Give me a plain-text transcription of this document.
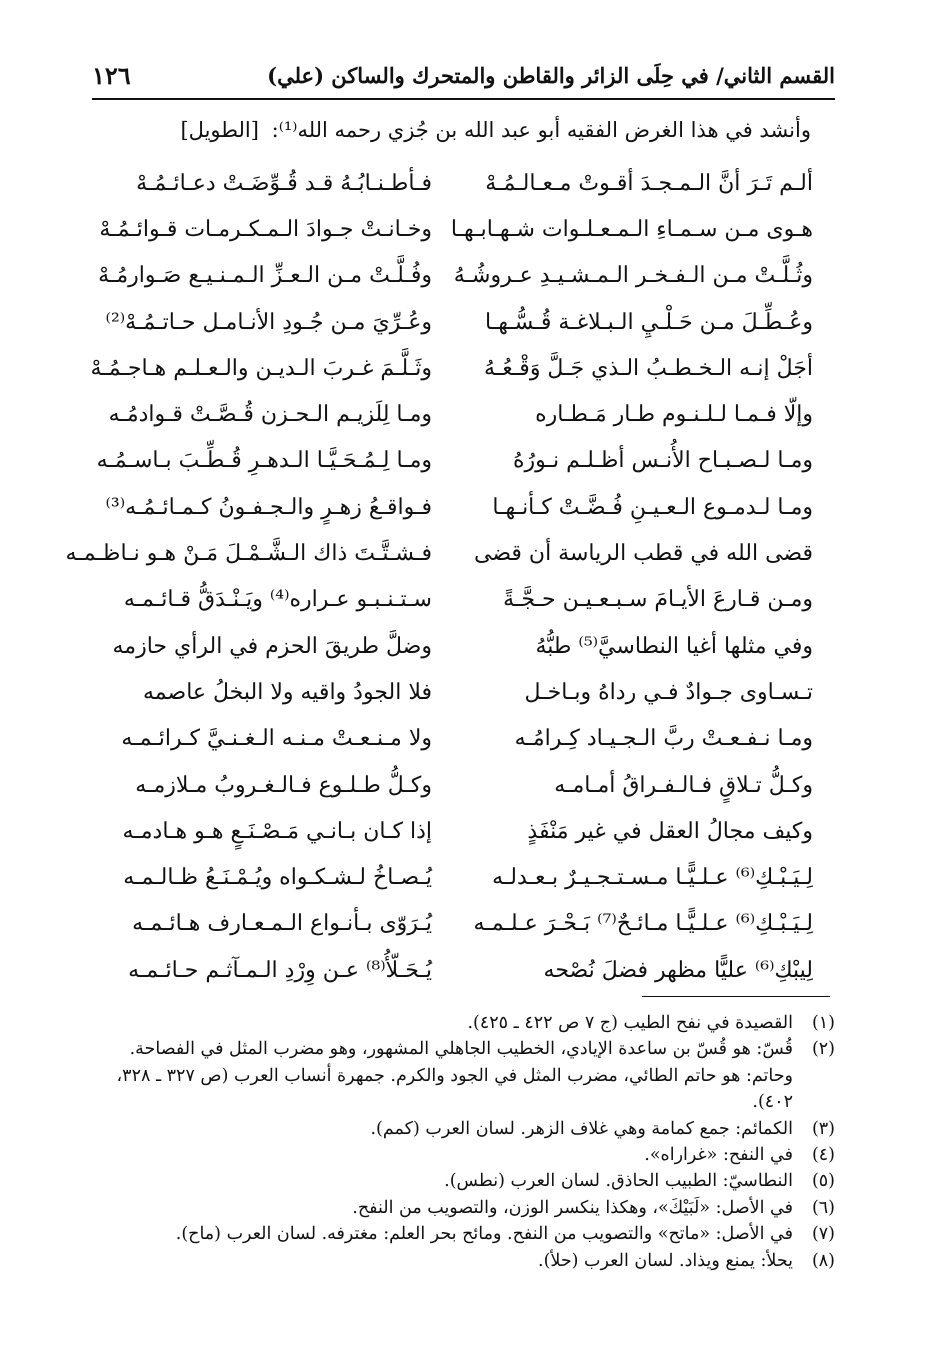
القسم الثاني/ في حِلَى الزائر والقاطن والمتحرك والساكن (علي)
١٢٦
وأنشد في هذا الغرض الفقيه أبو عبد الله بن جُزي رحمه الله⁽¹⁾: [الطويل]
ألـم تَـرَ أنَّ الـمـجـدَ أقـوتْ مـعـالـمُـهْ
فـأطـنـابُـهُ قـد قُـوِّضَـتْ دعـائـمُـهْ
هـوى مـن سـمـاءِ الـمـعـلـوات شـهـابـهـا
وخـانـتْ جـوادَ الـمـكـرمـات قـوائـمُـهْ
وثُـلَّـتْ مـن الـفـخـر الـمـشـيـدِ عـروشُـهُ
وفُـلَّـتْ مـن الـعـزِّ الـمـنـيـع صَـوارمُـهْ
وعُـطِّـلَ مـن حَـلْـيِ الـبـلاغـة قُـسُّـهـا
وعُـرِّيَ مـن جُـودِ الأنـامـل حـاتـمُـهْ⁽²⁾
أجَلْ إنـه الـخـطـبُ الـذي جَـلَّ وَقْـعُـهُ
وثَـلَّـمَ غـربَ الـديـن والـعـلـم هـاجـمُـهْ
وإلّا فـمـا لـلـنـوم طـار مَـطـاره
ومـا لِلَزيـم الـحـزن قُـصَّـتْ قـوادمُـه
ومـا لـصـبـاح الأُنـس أظـلـم نـورُهُ
ومـا لِـمُـحَـيَّـا الـدهـرِ قُـطِّـبَ بـاسـمُـه
ومـا لـدمـوع الـعـيـنِ فُـضَّـتْ كـأنـهـا
فـواقـعُ زهـرٍ والـجـفـونُ كـمـائـمُـه⁽³⁾
قضى الله في قطب الرياسة أن قضى
فـشـتَّـتَ ذاك الـشَّـمْـلَ مَـنْ هـو نـاظـمـه
ومـن قـارعَ الأيـامَ سـبـعـيـن حـجَّـةً
سـتـنـبـو عـراره⁽⁴⁾ ويَـنْـدَقُّ قـائـمـه
وفي مثلها أغيا النطاسيَّ⁽⁵⁾ طبُّهُ
وضلَّ طريقَ الحزم في الرأي حازمه
تـسـاوى جـوادٌ فـي رداهُ وبـاخـل
فلا الجودُ واقيه ولا البخلُ عاصمه
ومـا نـفـعـتْ ربَّ الـجـيـاد كِـرامُـه
ولا مـنـعـتْ مـنـه الـغـنـيَّ كـرائـمـه
وكـلُّ تـلاقٍ فـالـفـراقُ أمـامـه
وكـلُّ طـلـوع فـالـغـروبُ مـلازمـه
وكيف مجالُ العقل في غير مَنْفَذٍ
إذا كـان بـانـي مَـصْـنَـعٍ هـو هـادمـه
لِـيَـبْـكِ⁽⁶⁾ عـلـيًّـا مـسـتـجـيـرٌ بـعـدلـه
يُـصـاخُ لـشـكـواه ويُـمْـنَـعُ ظـالـمـه
لِـيَـبْـكِ⁽⁶⁾ عـلـيًّـا مـائـحٌ⁽⁷⁾ بَـحْـرَ عـلـمـه
يُـرَوّى بـأنـواع الـمـعـارف هـائـمـه
لِيبْكِ⁽⁶⁾ عليًّا مظهر فضلَ نُصْحه
يُـحَـلّأُ⁽⁸⁾ عـن وِرْدِ الـمـآثـم حـائـمـه
(١)
القصيدة في نفح الطيب (ج ٧ ص ٤٢٢ ـ ٤٢٥).
(٢)
قُسّ: هو قُسّ بن ساعدة الإيادي، الخطيب الجاهلي المشهور، وهو مضرب المثل في الفصاحة. وحاتم: هو حاتم الطائي، مضرب المثل في الجود والكرم. جمهرة أنساب العرب (ص ٣٢٧ ـ ٣٢٨، ٤٠٢).
(٣)
الكمائم: جمع كمامة وهي غلاف الزهر. لسان العرب (كمم).
(٤)
في النفح: «غراراه».
(٥)
النطاسيّ: الطبيب الحاذق. لسان العرب (نطس).
(٦)
في الأصل: «لَبَيْكَ»، وهكذا ينكسر الوزن، والتصويب من النفح.
(٧)
في الأصل: «ماتح» والتصويب من النفح. ومائح بحر العلم: مغترفه. لسان العرب (ماح).
(٨)
يحلأ: يمنع ويذاد. لسان العرب (حلأ).
